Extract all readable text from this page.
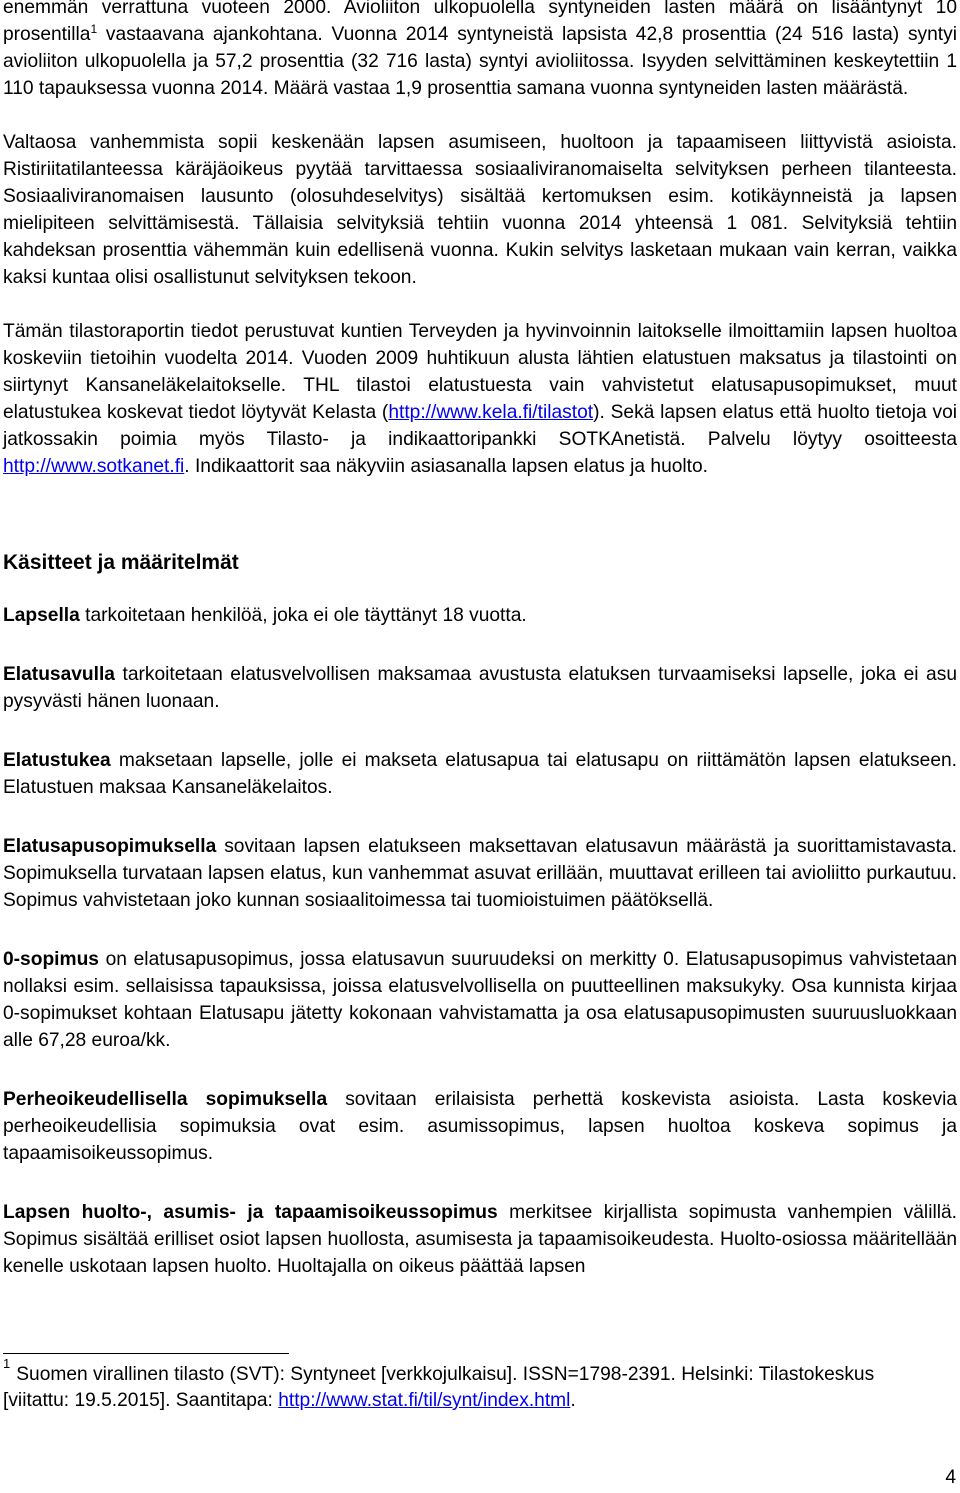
enemmän verrattuna vuoteen 2000. Avioliiton ulkopuolella syntyneiden lasten määrä on lisääntynyt 10 prosentilla$^1$ vastaavana ajankohtana. Vuonna 2014 syntyneistä lapsista 42,8 prosenttia (24 516 lasta) syntyi avioliiton ulkopuolella ja 57,2 prosenttia (32 716 lasta) syntyi avioliitossa. Isyyden selvittäminen keskeytettiin 1 110 tapauksessa vuonna 2014. Määrä vastaa 1,9 prosenttia samana vuonna syntyneiden lasten määrästä.

Valtaosa vanhemmista sopii keskenään lapsen asumiseen, huoltoon ja tapaamiseen liittyvistä asioista. Ristiriitatilanteessa käräjäoikeus pyytää tarvittaessa sosiaaliviranomaiselta selvityksen perheen tilanteesta. Sosiaaliviranomaisen lausunto (olosuhdeselvitys) sisältää kertomuksen esim. kotikäynneistä ja lapsen mielipiteen selvittämisestä. Tällaisia selvityksiä tehtiin vuonna 2014 yhteensä 1 081. Selvityksiä tehtiin kahdeksan prosenttia vähemmän kuin edellisenä vuonna. Kukin selvitys lasketaan mukaan vain kerran, vaikka kaksi kuntaa olisi osallistunut selvityksen tekoon.

Tämän tilastoraportin tiedot perustuvat kuntien Terveyden ja hyvinvoinnin laitokselle ilmoittamiin lapsen huoltoa koskeviin tietoihin vuodelta 2014. Vuoden 2009 huhtikuun alusta lähtien elatustuen maksatus ja tilastointi on siirtynyt Kansaneläkelaitokselle. THL tilastoi elatustuesta vain vahvistetut elatusapusopimukset, muut elatustukea koskevat tiedot löytyvät Kelasta (http://www.kela.fi/tilastot). Sekä lapsen elatus että huolto tietoja voi jatkossakin poimia myös Tilasto- ja indikaattoripankki SOTKAnetistä. Palvelu löytyy osoitteesta http://www.sotkanet.fi. Indikaattorit saa näkyviin asiasanalla lapsen elatus ja huolto.

Käsitteet ja määritelmät

Lapsella tarkoitetaan henkilöä, joka ei ole täyttänyt 18 vuotta.

Elatusavulla tarkoitetaan elatusvelvollisen maksamaa avustusta elatuksen turvaamiseksi lapselle, joka ei asu pysyvästi hänen luonaan.

Elatustukea maksetaan lapselle, jolle ei makseta elatusapua tai elatusapu on riittämätön lapsen elatukseen. Elatustuen maksaa Kansaneläkelaitos.

Elatusapusopimuksella sovitaan lapsen elatukseen maksettavan elatusavun määrästä ja suorittamistavasta. Sopimuksella turvataan lapsen elatus, kun vanhemmat asuvat erillään, muuttavat erilleen tai avioliitto purkautuu. Sopimus vahvistetaan joko kunnan sosiaalitoimessa tai tuomioistuimen päätöksellä.

0-sopimus on elatusapusopimus, jossa elatusavun suuruudeksi on merkitty 0. Elatusapusopimus vahvistetaan nollaksi esim. sellaisissa tapauksissa, joissa elatusvelvollisella on puutteellinen maksukyky. Osa kunnista kirjaa 0-sopimukset kohtaan Elatusapu jätetty kokonaan vahvistamatta ja osa elatusapusopimusten suuruusluokkaan alle 67,28 euroa/kk.

Perheoikeudellisella sopimuksella sovitaan erilaisista perhettä koskevista asioista. Lasta koskevia perheoikeudellisia sopimuksia ovat esim. asumissopimus, lapsen huoltoa koskeva sopimus ja tapaamisoikeussopimus.

Lapsen huolto-, asumis- ja tapaamisoikeussopimus merkitsee kirjallista sopimusta vanhempien välillä. Sopimus sisältää erilliset osiot lapsen huollosta, asumisesta ja tapaamisoikeudesta. Huolto-osiossa määritellään kenelle uskotaan lapsen huolto. Huoltajalla on oikeus päättää lapsen

$^1$Suomen virallinen tilasto (SVT): Syntyneet [verkkojulkaisu]. ISSN=1798-2391. Helsinki: Tilastokeskus [viitattu: 19.5.2015]. Saantitapa: http://www.stat.fi/til/synt/index.html.
4
